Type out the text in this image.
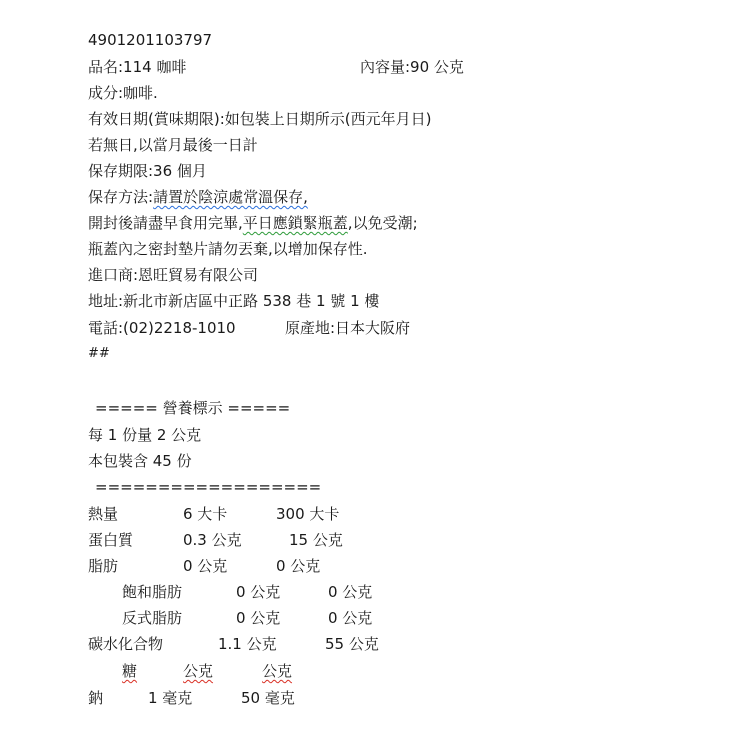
4901201103797
品名:114 咖啡	內容量:90 公克
成分:咖啡.
有效日期(賞味期限):如包裝上日期所示(西元年月日)
若無日,以當月最後一日計
保存期限:36 個月
保存方法:請置於陰涼處常溫保存,
開封後請盡早食用完畢,平日應鎖緊瓶蓋,以免受潮;
瓶蓋內之密封墊片請勿丟棄,以增加保存性.
進口商:恩旺貿易有限公司
地址:新北市新店區中正路 538 巷 1 號 1 樓
電話:(02)2218-1010	原產地:日本大阪府
##
===== 營養標示 =====
每 1 份量 2 公克
本包裝含 45 份
==================
熱量	6 大卡	300 大卡
蛋白質	0.3 公克	15 公克
脂肪	0 公克	0 公克
飽和脂肪	0 公克	0 公克
反式脂肪	0 公克	0 公克
碳水化合物	1.1 公克	55 公克
糖	公克	公克
鈉	1 毫克	50 毫克
